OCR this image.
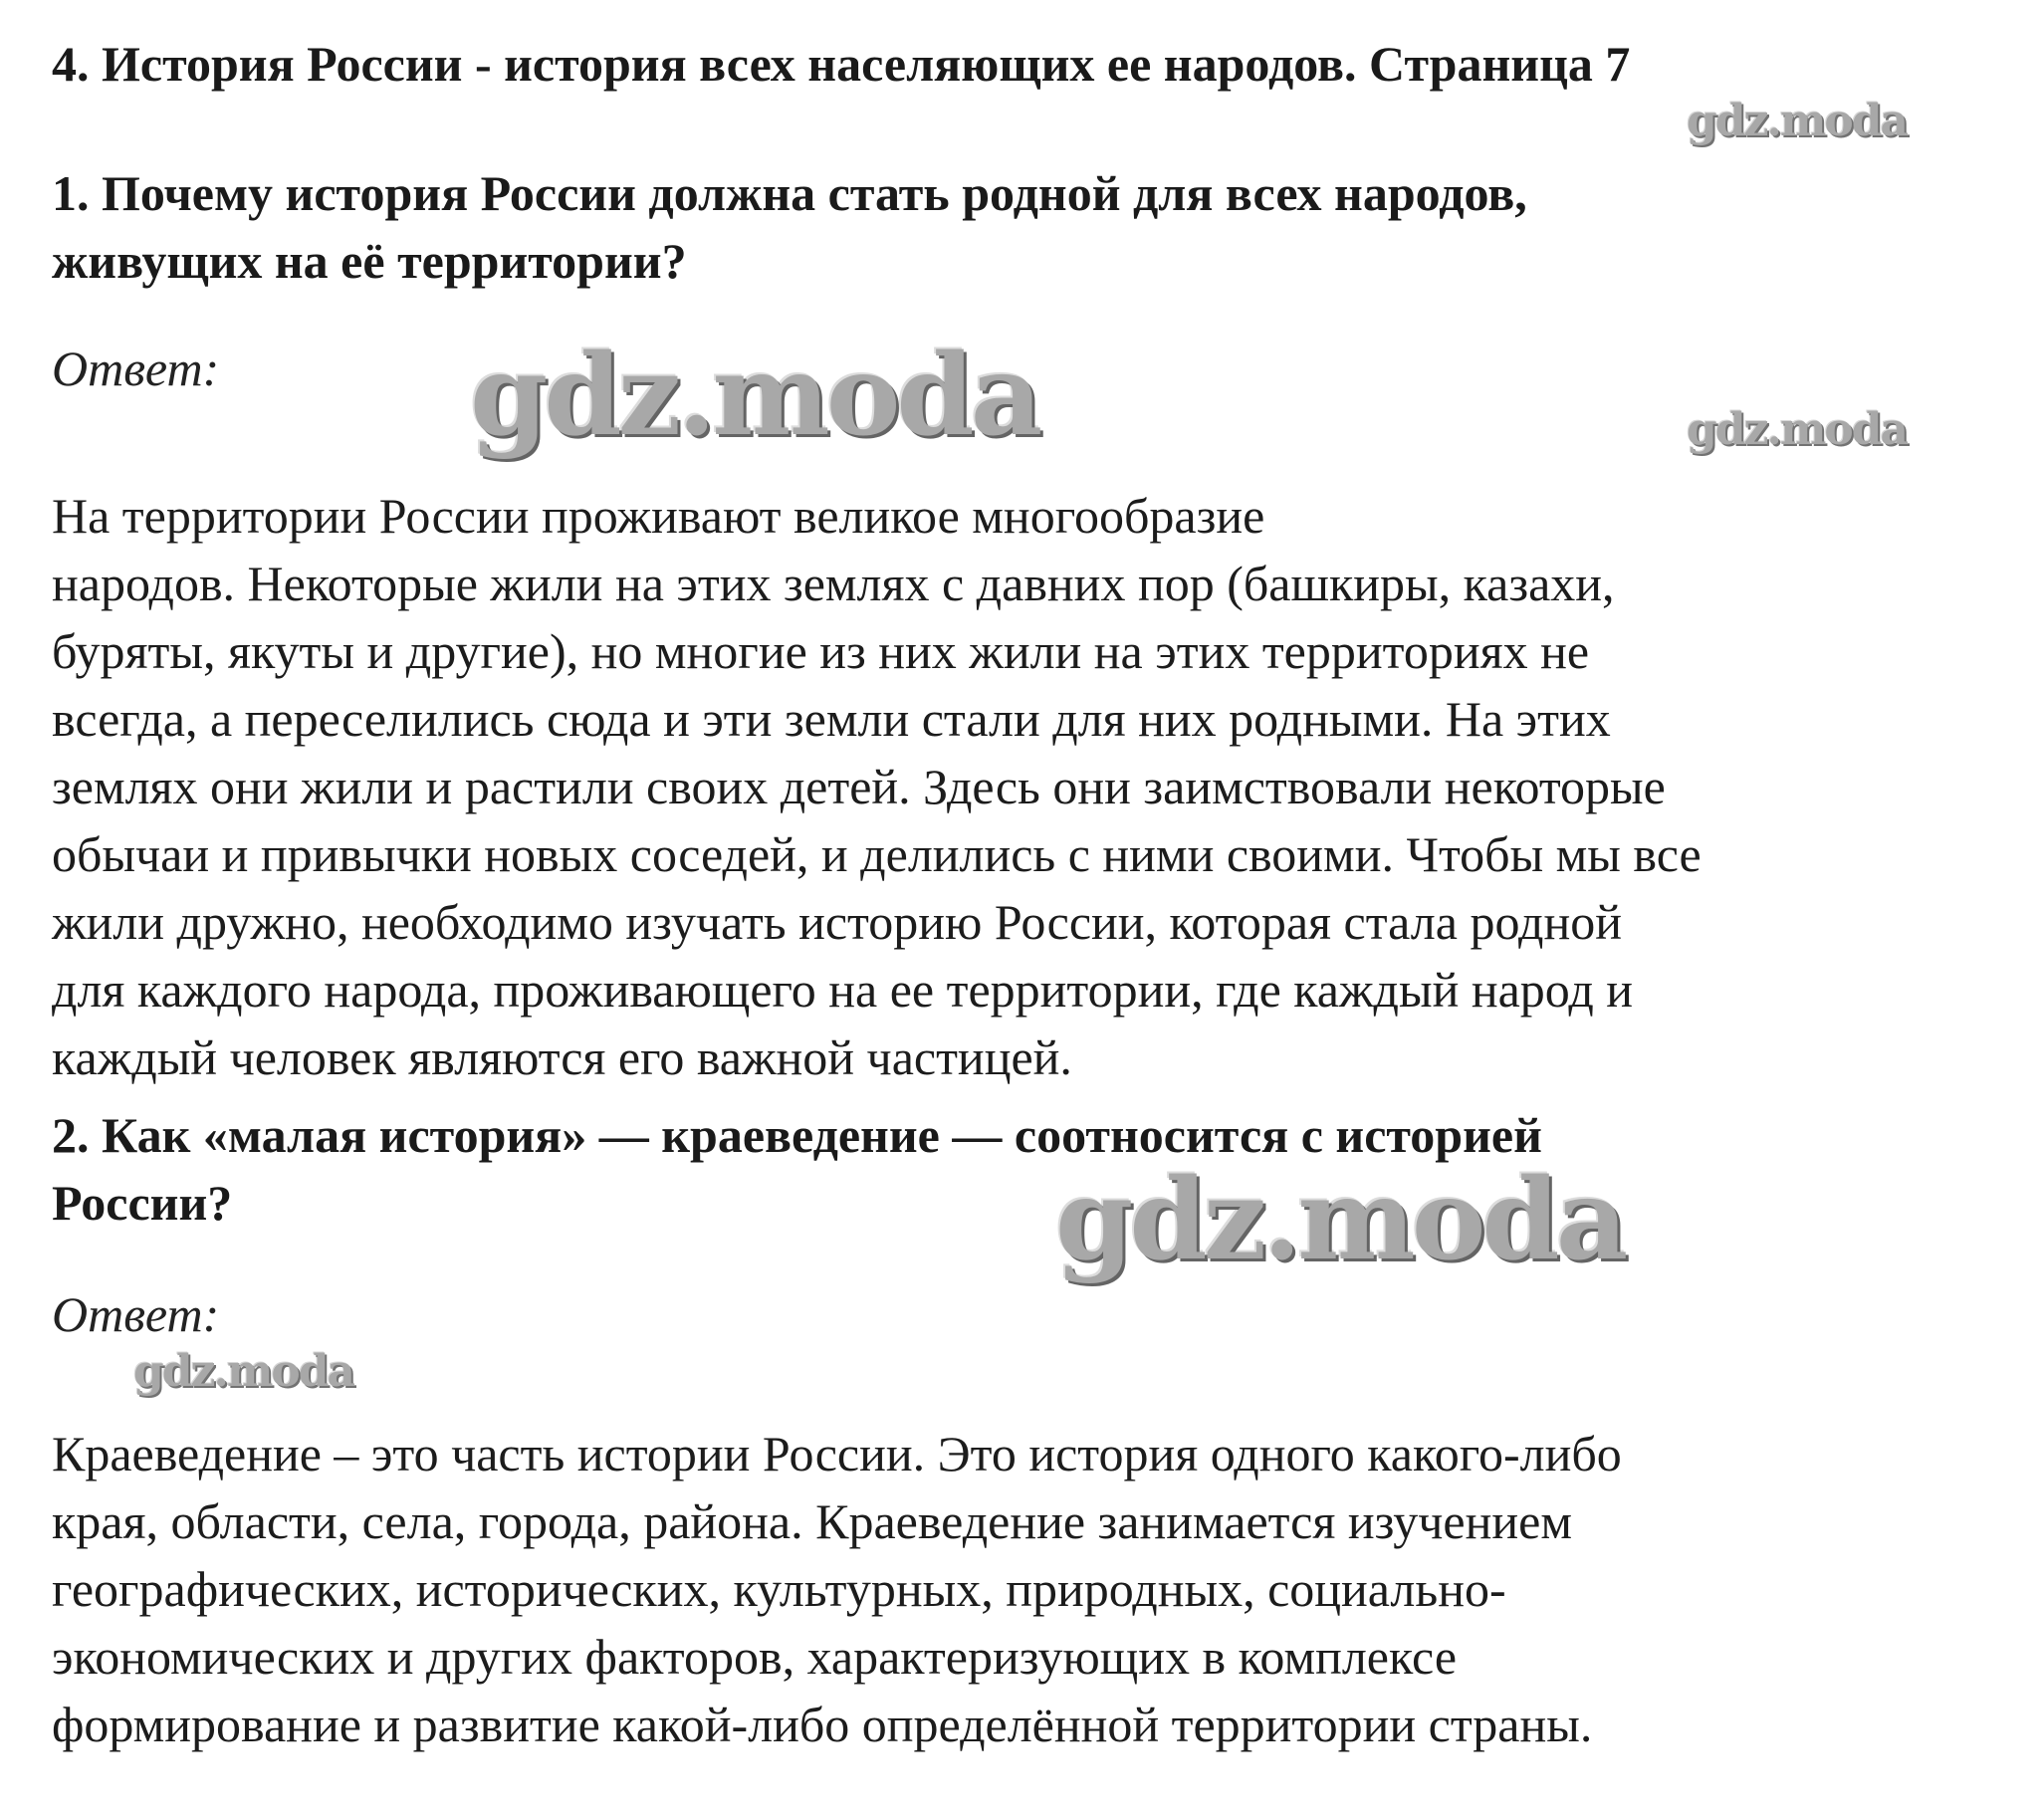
4. История России - история всех населяющих ее народов. Страница 7
1. Почему история России должна стать родной для всех народов,
живущих на её территории?
Ответ:
На территории России проживают великое многообразие
народов. Некоторые жили на этих землях с давних пор (башкиры, казахи,
буряты, якуты и другие), но многие из них жили на этих территориях не
всегда, а переселились сюда и эти земли стали для них родными. На этих
землях они жили и растили своих детей. Здесь они заимствовали некоторые
обычаи и привычки новых соседей, и делились с ними своими. Чтобы мы все
жили дружно, необходимо изучать историю России, которая стала родной
для каждого народа, проживающего на ее территории, где каждый народ и
каждый человек являются его важной частицей.
2. Как «малая история» — краеведение — соотносится с историей
России?
Ответ:
Краеведение – это часть истории России. Это история одного какого-либо
края, области, села, города, района. Краеведение занимается изучением
географических, исторических, культурных, природных, социально-
экономических и других факторов, характеризующих в комплексе
формирование и развитие какой-либо определённой территории страны.
gdz.moda
gdz.moda	gdz.moda
gdz.moda
gdz.moda
